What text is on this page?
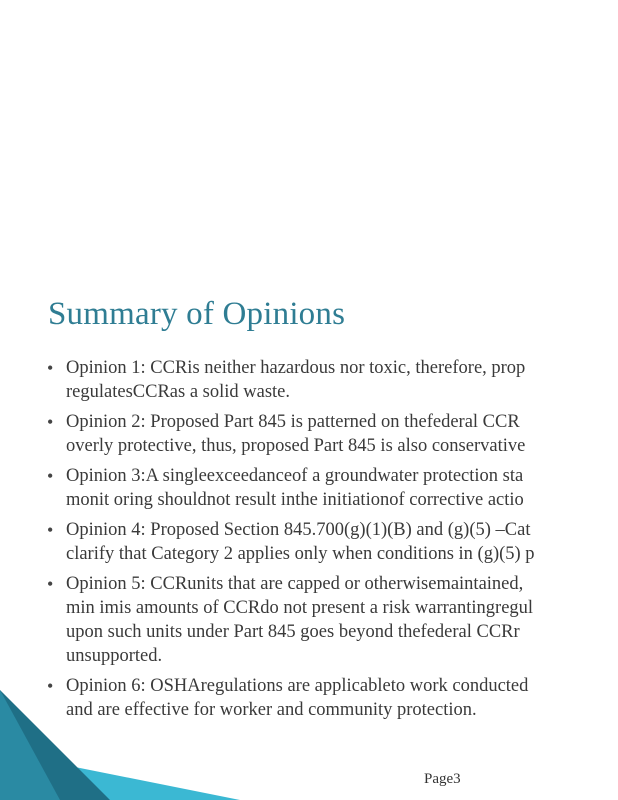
Summary of Opinions
• Opinion 1: CCRis neither hazardous nor toxic, therefore, prop
regulatesCCRas a solid waste.
• Opinion 2: Proposed Part 845 is patterned on thefederal CCR
overly protective, thus, proposed Part 845 is also conservative
• Opinion 3:A singleexceedanceof a groundwater protection sta
monit oring shouldnot result inthe initiationof corrective actio
• Opinion 4: Proposed Section 845.700(g)(1)(B) and (g)(5) –Cat
clarify that Category 2 applies only when conditions in (g)(5) p
• Opinion 5: CCRunits that are capped or otherwisemaintained,
min imis amounts of CCRdo not present a risk warrantingregul
upon such units under Part 845 goes beyond thefederal CCRr
unsupported.
• Opinion 6: OSHAregulations are applicableto work conducted
and are effective for worker and community protection.
Page3
